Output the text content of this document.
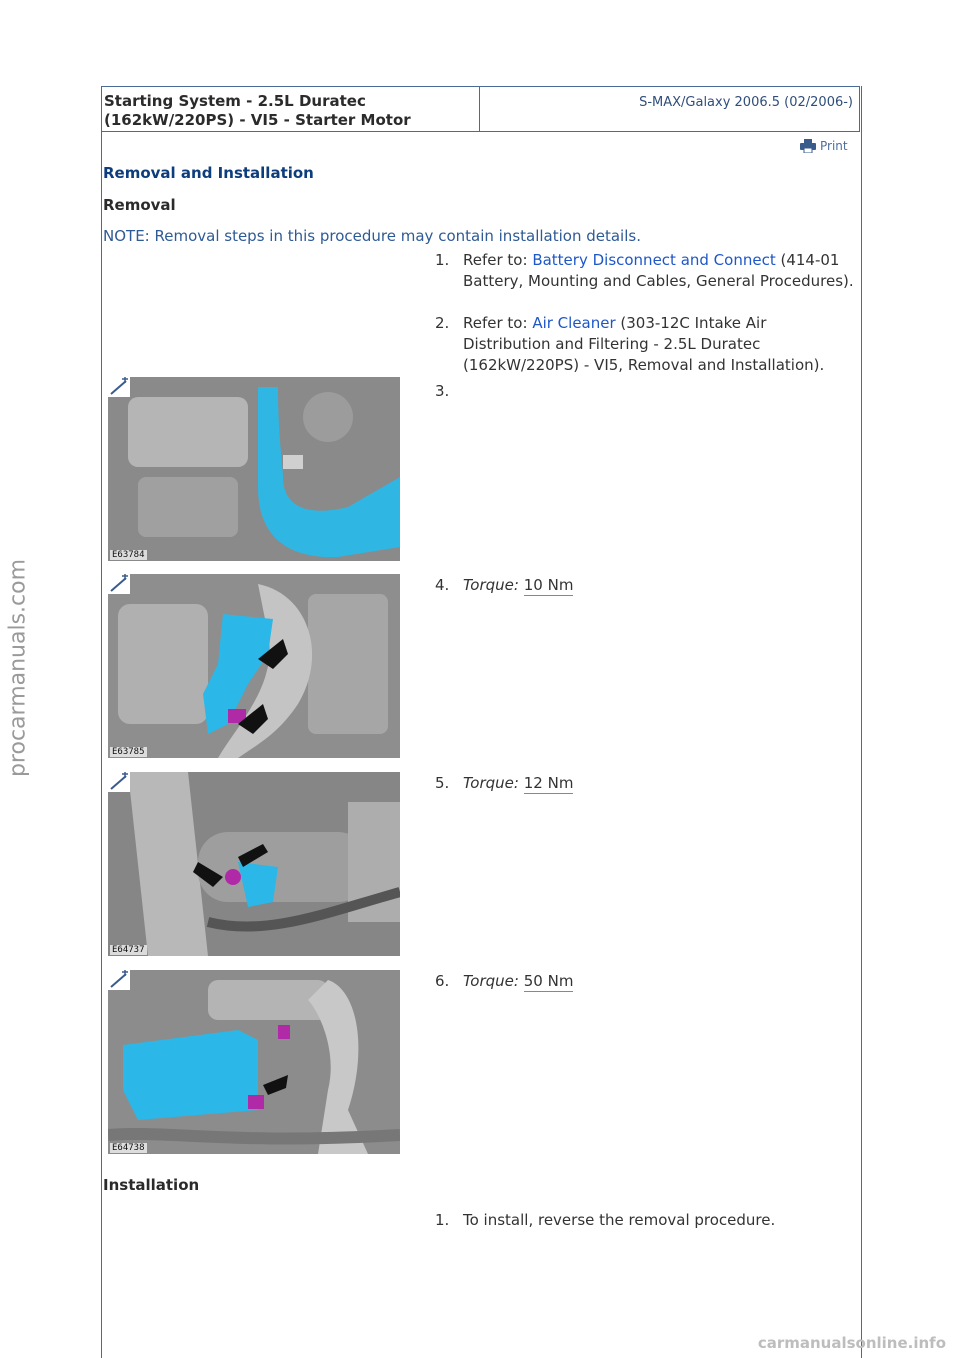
Starting System - 2.5L Duratec
(162kW/220PS) - VI5 - Starter Motor
S-MAX/Galaxy 2006.5 (02/2006-)
Print
Removal and Installation
Removal
NOTE: Removal steps in this procedure may contain installation details.
1. Refer to: Battery Disconnect and Connect (414-01 Battery, Mounting and Cables, General Procedures).
2. Refer to: Air Cleaner (303-12C Intake Air Distribution and Filtering - 2.5L Duratec (162kW/220PS) - VI5, Removal and Installation).
E63784
3.
E63785
4. Torque: 10 Nm
E64737
5. Torque: 12 Nm
E64738
6. Torque: 50 Nm
Installation
1. To install, reverse the removal procedure.
procarmanuals.com
carmanualsonline.info
